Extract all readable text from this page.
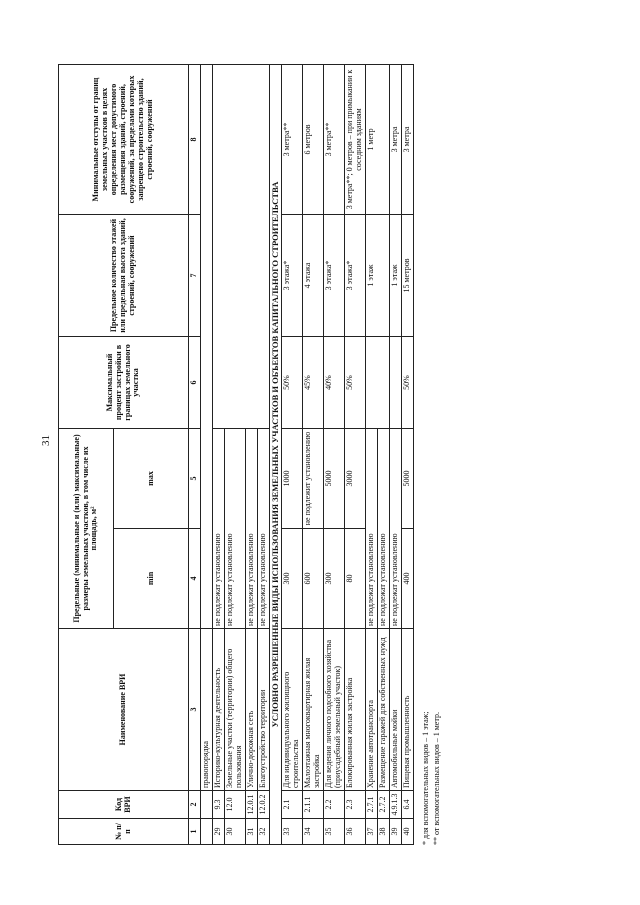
31
№ п/п	Код ВРИ	Наименование ВРИ	Предельные (минимальные и (или) максимальные) размеры земельных участков, в том числе их площадь, м²		Максимальный процент застройки в границах земельного участка	Предельное количество этажей или предельная высота зданий, строений, сооружений	Минимальные отступы от границ земельных участков в целях определения мест допустимого размещения зданий, строений, сооружений, за пределами которых запрещено строительство зданий, строений, сооружений
			min	max			
1	2	3	4	5	6	7	8
		правопорядка					
29	9.3	Историко-культурная деятельность	не подлежат установлению				
30	12.0	Земельные участки (территории) общего пользования	не подлежат установлению				
31	12.0.1	Улично-дорожная сеть	не подлежат установлению				
32	12.0.2	Благоустройство территории	не подлежат установлению				
УСЛОВНО РАЗРЕШЕННЫЕ ВИДЫ ИСПОЛЬЗОВАНИЯ ЗЕМЕЛЬНЫХ УЧАСТКОВ И ОБЪЕКТОВ КАПИТАЛЬНОГО СТРОИТЕЛЬСТВА							
33	2.1	Для индивидуального жилищного строительства	300	1000	50%	3 этажа*	3 метра**
34	2.1.1	Малоэтажная многоквартирная жилая застройка	600	не подлежит установлению	45%	4 этажа	6 метров
35	2.2	Для ведения личного подсобного хозяйства (приусадебный земельный участок)	300	5000	40%	3 этажа*	3 метра**
36	2.3	Блокированная жилая застройка	80	3000	50%	3 этажа*	3 метра**; 0 метров – при примыкании к соседним зданиям
37	2.7.1	Хранение автотранспорта	не подлежат установлению			1 этаж	1 метр
38	2.7.2	Размещение гаражей для собственных нужд	не подлежат установлению				
39	4.9.1.3	Автомобильные мойки	не подлежат установлению			1 этаж	3 метра
40	6.4	Пищевая промышленность	400	5000	50%	15 метров	3 метра
* для вспомогательных видов – 1 этаж; ** от вспомогательных видов – 1 метр.
